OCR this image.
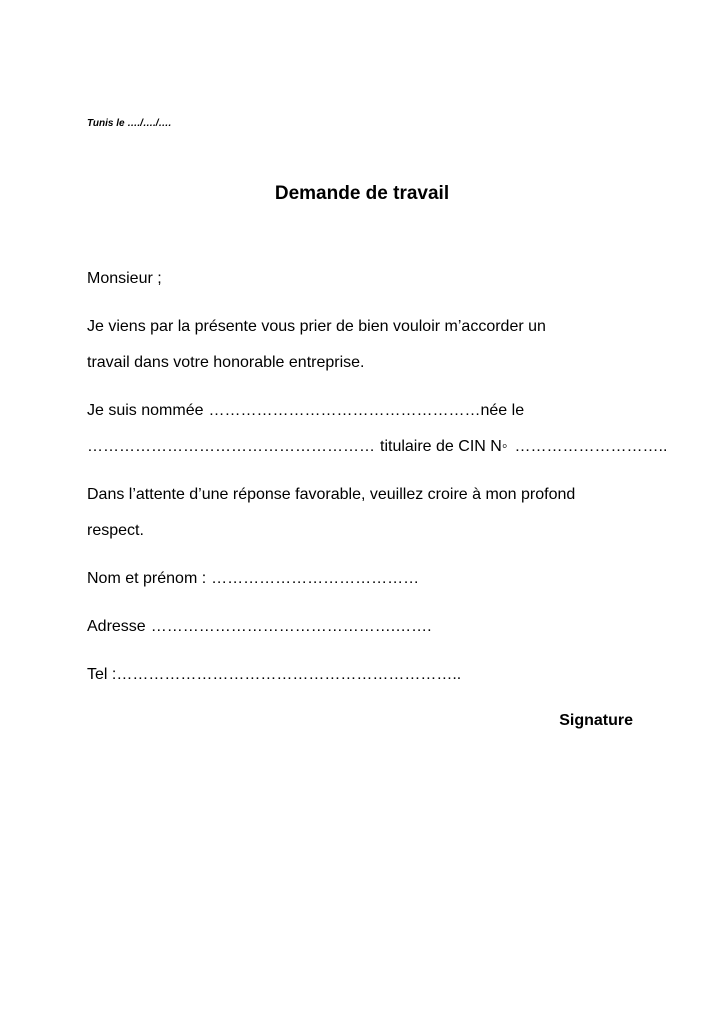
Tunis le …./…./….
Demande de travail
Monsieur ;
Je viens par la présente vous prier de bien vouloir m’accorder un
travail dans votre honorable entreprise.
Je suis nommée ……………………………………………née le
……………………………………………… titulaire de CIN N◦ ………………………..
Dans l’attente d’une réponse favorable, veuillez croire à mon profond
respect.
Nom et prénom : …………………………………
Adresse ……………………………………….…….
Tel :………………………………………………………..
Signature
